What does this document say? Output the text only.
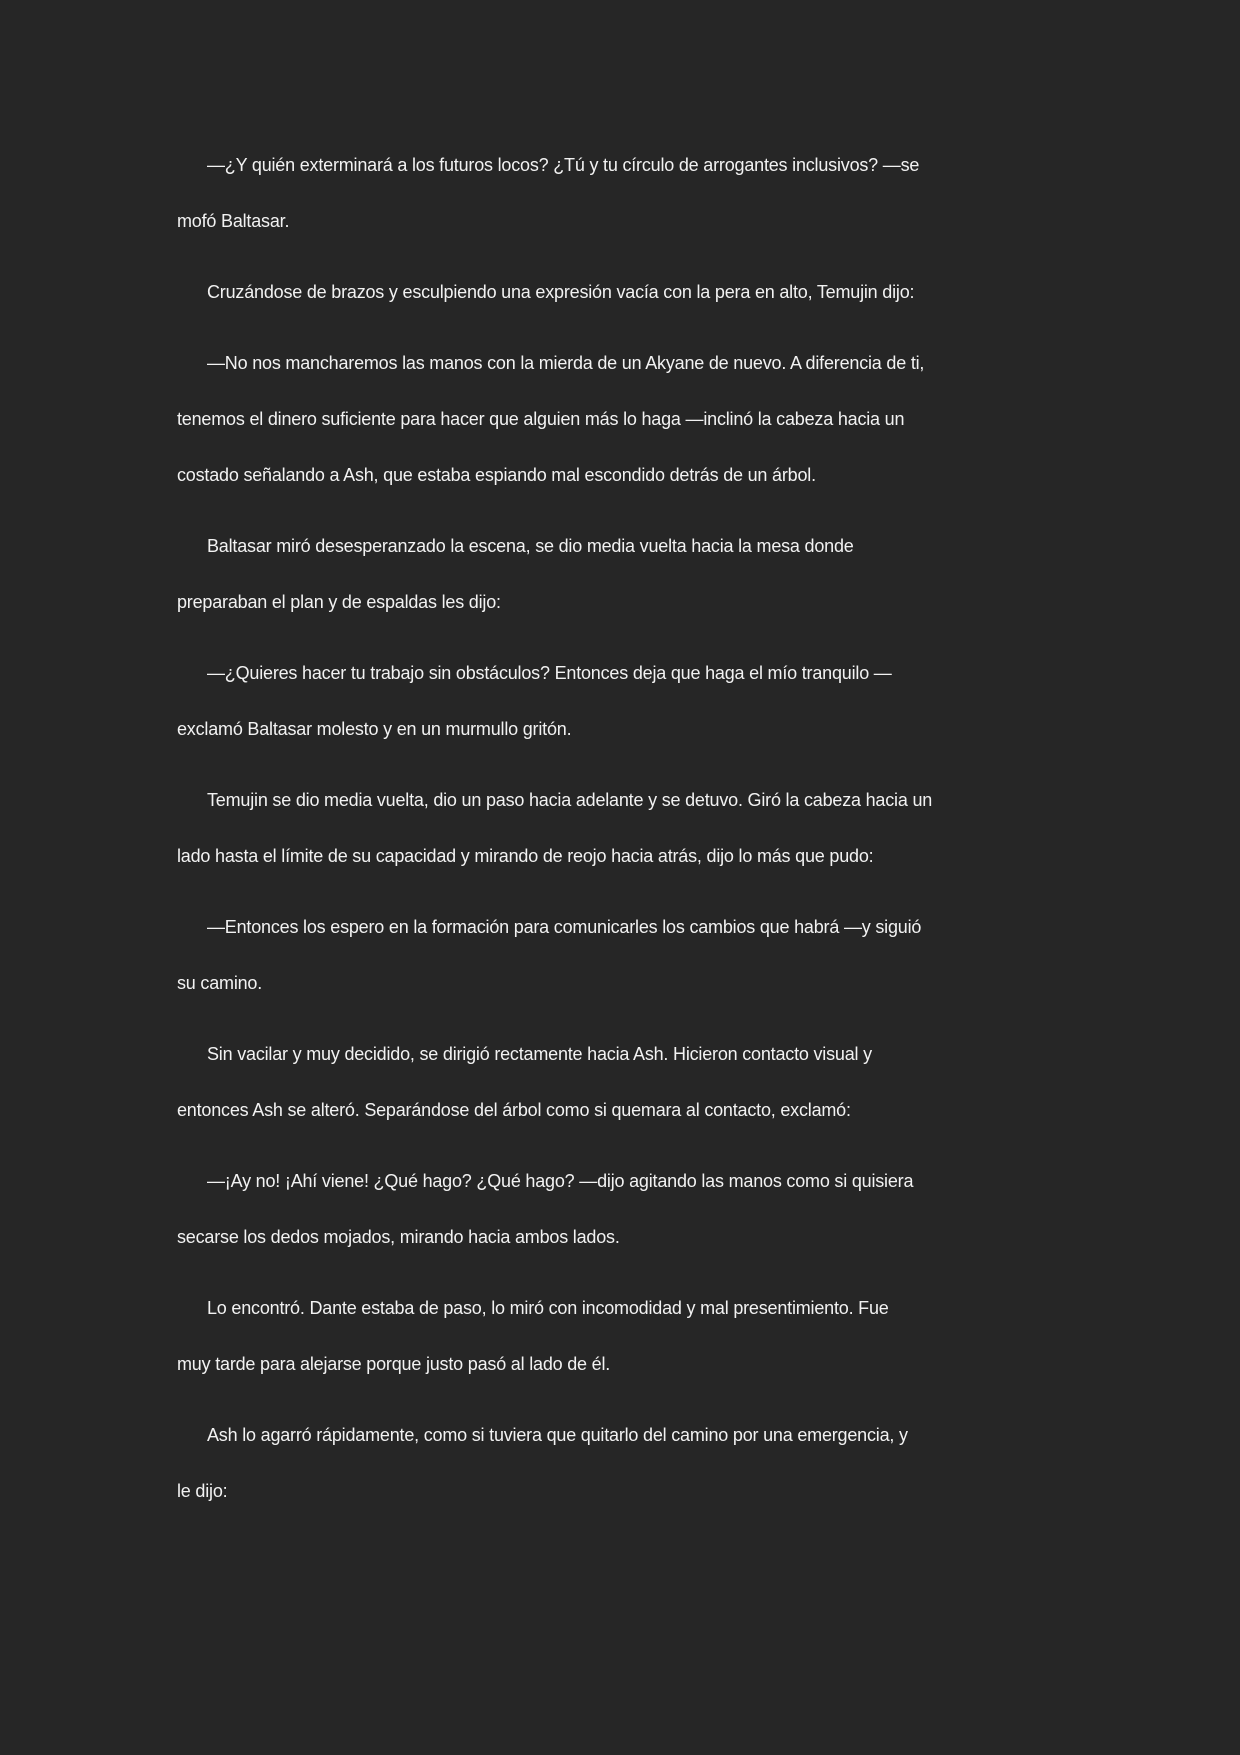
—¿Y quién exterminará a los futuros locos? ¿Tú y tu círculo de arrogantes inclusivos? —se
mofó Baltasar.

Cruzándose de brazos y esculpiendo una expresión vacía con la pera en alto, Temujin dijo:

—No nos mancharemos las manos con la mierda de un Akyane de nuevo. A diferencia de ti,
tenemos el dinero suficiente para hacer que alguien más lo haga —inclinó la cabeza hacia un
costado señalando a Ash, que estaba espiando mal escondido detrás de un árbol.

Baltasar miró desesperanzado la escena, se dio media vuelta hacia la mesa donde
preparaban el plan y de espaldas les dijo:

—¿Quieres hacer tu trabajo sin obstáculos? Entonces deja que haga el mío tranquilo —
exclamó Baltasar molesto y en un murmullo gritón.

Temujin se dio media vuelta, dio un paso hacia adelante y se detuvo. Giró la cabeza hacia un
lado hasta el límite de su capacidad y mirando de reojo hacia atrás, dijo lo más que pudo:

—Entonces los espero en la formación para comunicarles los cambios que habrá —y siguió
su camino.

Sin vacilar y muy decidido, se dirigió rectamente hacia Ash. Hicieron contacto visual y
entonces Ash se alteró. Separándose del árbol como si quemara al contacto, exclamó:

—¡Ay no! ¡Ahí viene! ¿Qué hago? ¿Qué hago? —dijo agitando las manos como si quisiera
secarse los dedos mojados, mirando hacia ambos lados.

Lo encontró. Dante estaba de paso, lo miró con incomodidad y mal presentimiento. Fue
muy tarde para alejarse porque justo pasó al lado de él.

Ash lo agarró rápidamente, como si tuviera que quitarlo del camino por una emergencia, y
le dijo:
